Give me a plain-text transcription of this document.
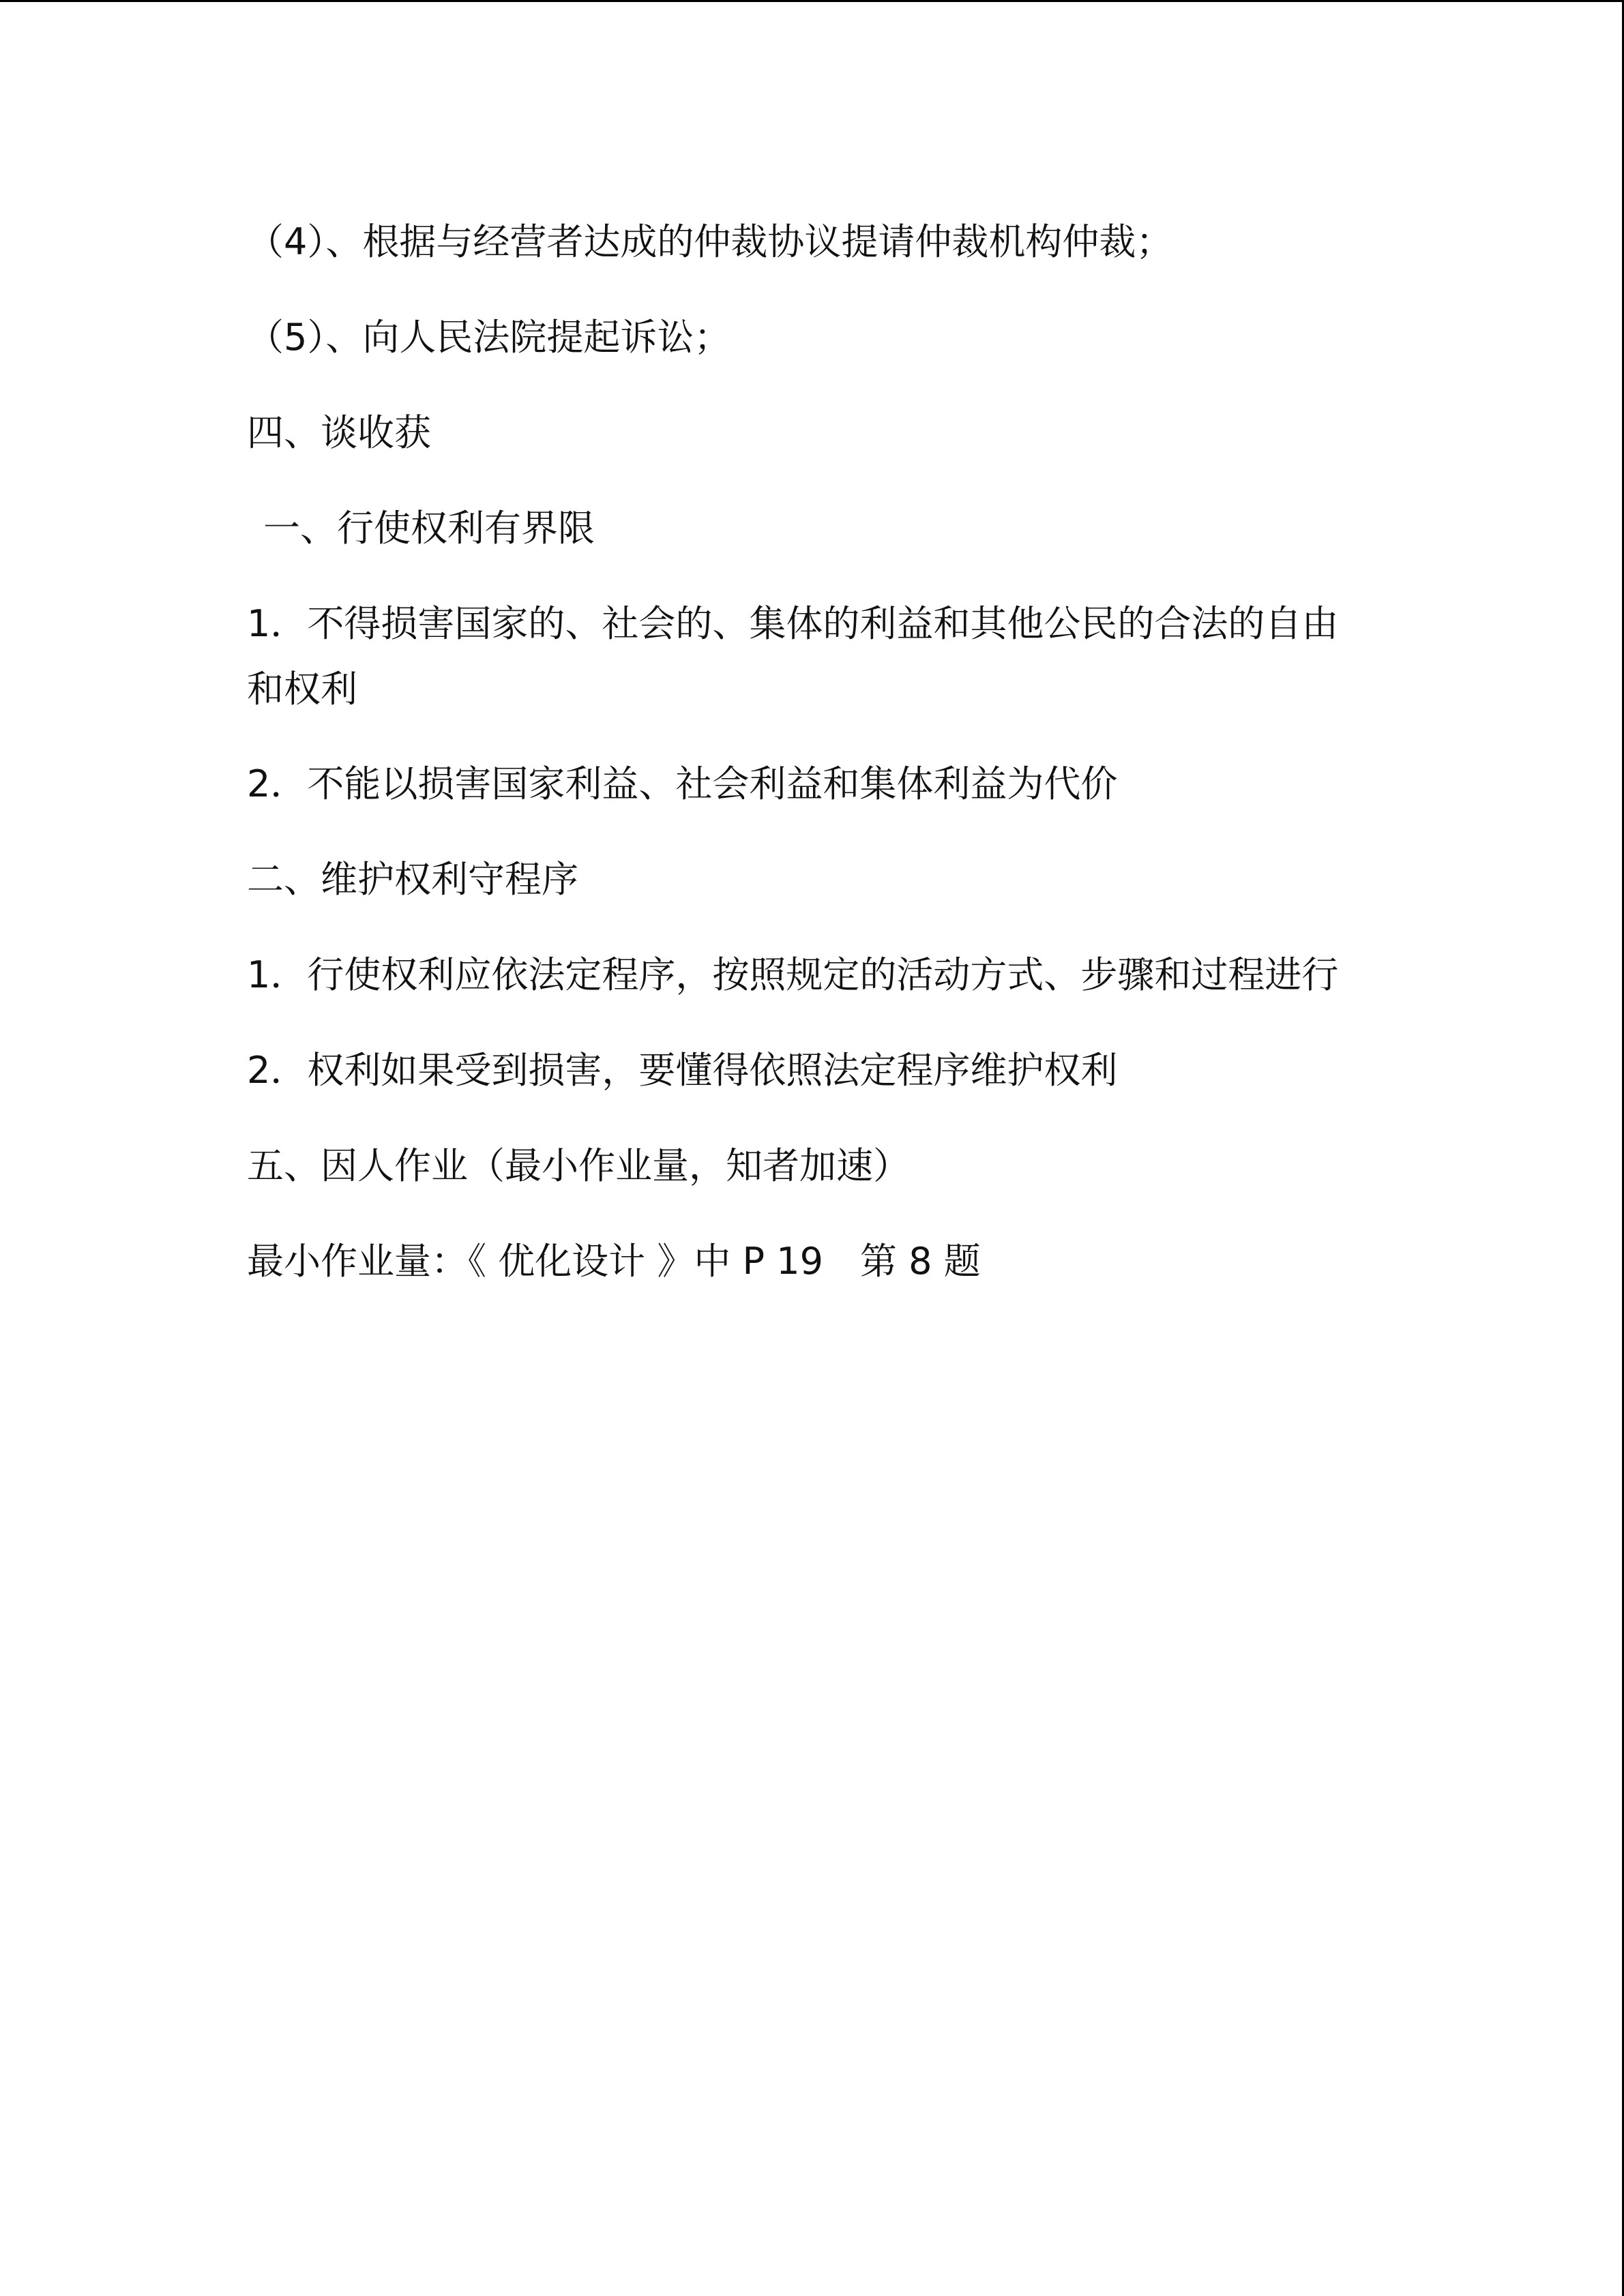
（4）、根据与经营者达成的仲裁协议提请仲裁机构仲裁；
（5）、向人民法院提起诉讼；
四、谈收获
一、行使权利有界限
1．不得损害国家的、社会的、集体的利益和其他公民的合法的自由
和权利
2．不能以损害国家利益、社会利益和集体利益为代价
二、维护权利守程序
1．行使权利应依法定程序，按照规定的活动方式、步骤和过程进行
2．权利如果受到损害，要懂得依照法定程序维护权利
五、因人作业（最小作业量，知者加速）
最小作业量：《 优化设计 》中 P 19　第 8 题
